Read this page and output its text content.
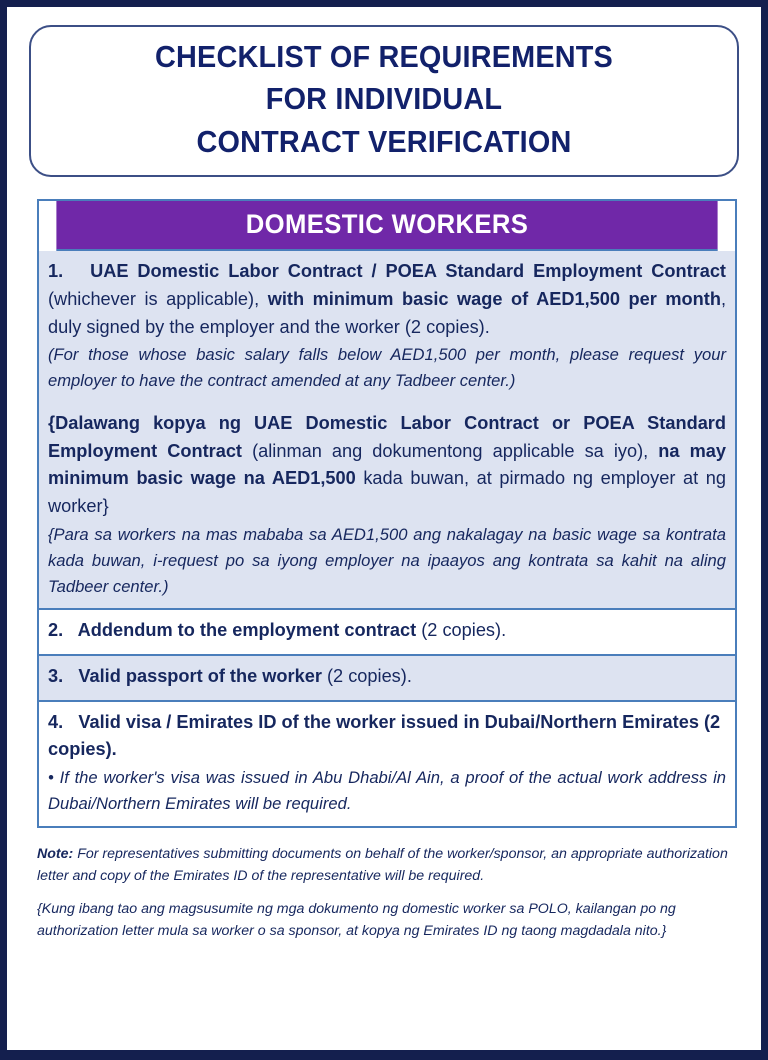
CHECKLIST OF REQUIREMENTS
FOR INDIVIDUAL
CONTRACT VERIFICATION
DOMESTIC WORKERS

1. UAE Domestic Labor Contract / POEA Standard Employment Contract (whichever is applicable), with minimum basic wage of AED1,500 per month, duly signed by the employer and the worker (2 copies).

(For those whose basic salary falls below AED1,500 per month, please request your employer to have the contract amended at any Tadbeer center.)

{Dalawang kopya ng UAE Domestic Labor Contract or POEA Standard Employment Contract (alinman ang dokumentong applicable sa iyo), na may minimum basic wage na AED1,500 kada buwan, at pirmado ng employer at ng worker}

{Para sa workers na mas mababa sa AED1,500 ang nakalagay na basic wage sa kontrata kada buwan, i-request po sa iyong employer na ipaayos ang kontrata sa kahit na aling Tadbeer center.)

2. Addendum to the employment contract (2 copies).

3. Valid passport of the worker (2 copies).

4. Valid visa / Emirates ID of the worker issued in Dubai/Northern Emirates (2 copies).

• If the worker's visa was issued in Abu Dhabi/Al Ain, a proof of the actual work address in Dubai/Northern Emirates will be required.

Note: For representatives submitting documents on behalf of the worker/sponsor, an appropriate authorization letter and copy of the Emirates ID of the representative will be required.

{Kung ibang tao ang magsusumite ng mga dokumento ng domestic worker sa POLO, kailangan po ng authorization letter mula sa worker o sa sponsor, at kopya ng Emirates ID ng taong magdadala nito.}
